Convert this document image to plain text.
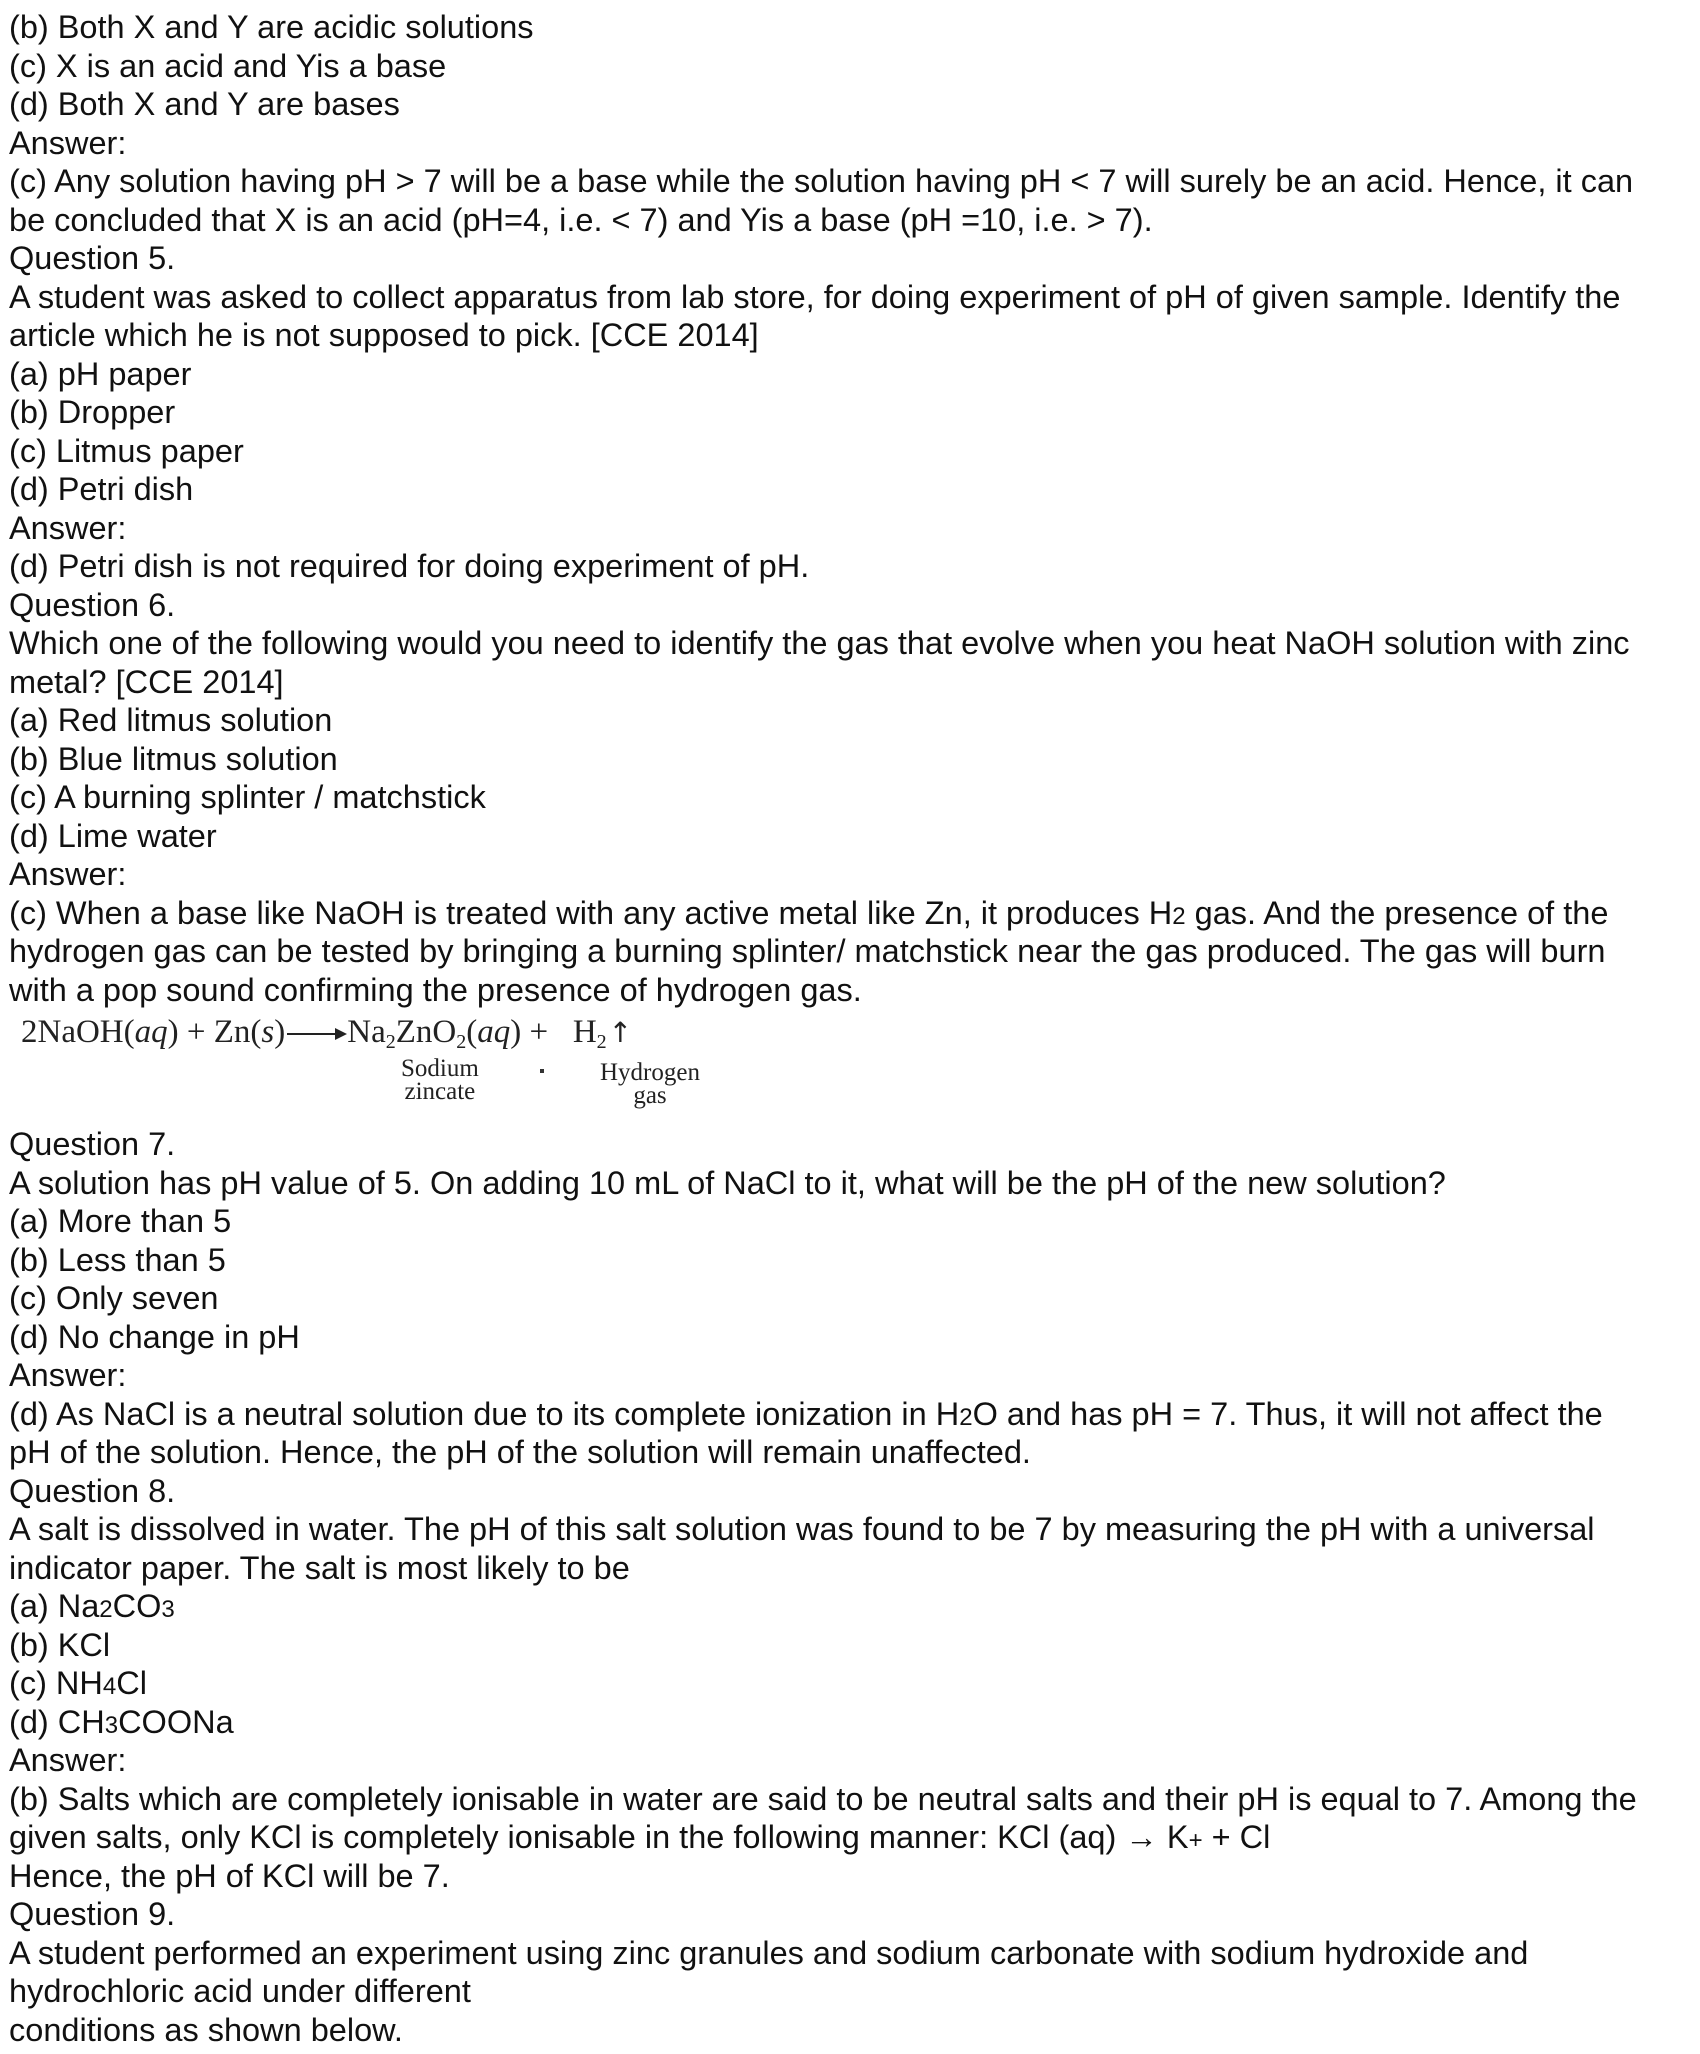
(b) Both X and Y are acidic solutions
(c) X is an acid and Yis a base
(d) Both X and Y are bases
Answer:
(c) Any solution having pH > 7 will be a base while the solution having pH < 7 will surely be an acid. Hence, it can
be concluded that X is an acid (pH=4, i.e. < 7) and Yis a base (pH =10, i.e. > 7).
Question 5.
A student was asked to collect apparatus from lab store, for doing experiment of pH of given sample. Identify the
article which he is not supposed to pick. [CCE 2014]
(a) pH paper
(b) Dropper
(c) Litmus paper
(d) Petri dish
Answer:
(d) Petri dish is not required for doing experiment of pH.
Question 6.
Which one of the following would you need to identify the gas that evolve when you heat NaOH solution with zinc
metal? [CCE 2014]
(a) Red litmus solution
(b) Blue litmus solution
(c) A burning splinter / matchstick
(d) Lime water
Answer:
(c) When a base like NaOH is treated with any active metal like Zn, it produces H2 gas. And the presence of the
hydrogen gas can be tested by bringing a burning splinter/ matchstick near the gas produced. The gas will burn
with a pop sound confirming the presence of hydrogen gas.
2NaOH(aq) + $Zn(s) \to Na_2ZnO_2(aq)$ + $H_2↑$
Sodium
zincate
Hydrogen
gas
Question 7.
A solution has pH value of 5. On adding 10 mL of NaCl to it, what will be the pH of the new solution?
(a) More than 5
(b) Less than 5
(c) Only seven
(d) No change in pH
Answer:
(d) As NaCl is a neutral solution due to its complete ionization in H2O and has pH = 7. Thus, it will not affect the
pH of the solution. Hence, the pH of the solution will remain unaffected.
Question 8.
A salt is dissolved in water. The pH of this salt solution was found to be 7 by measuring the pH with a universal
indicator paper. The salt is most likely to be
(a) Na2CO3
(b) KCl
(c) NH4Cl
(d) CH3COONa
Answer:
(b) Salts which are completely ionisable in water are said to be neutral salts and their pH is equal to 7. Among the
given salts, only KCl is completely ionisable in the following manner: KCl (aq) → K+ + Cl
Hence, the pH of KCl will be 7.
Question 9.
A student performed an experiment using zinc granules and sodium carbonate with sodium hydroxide and
hydrochloric acid under different
conditions as shown below.
